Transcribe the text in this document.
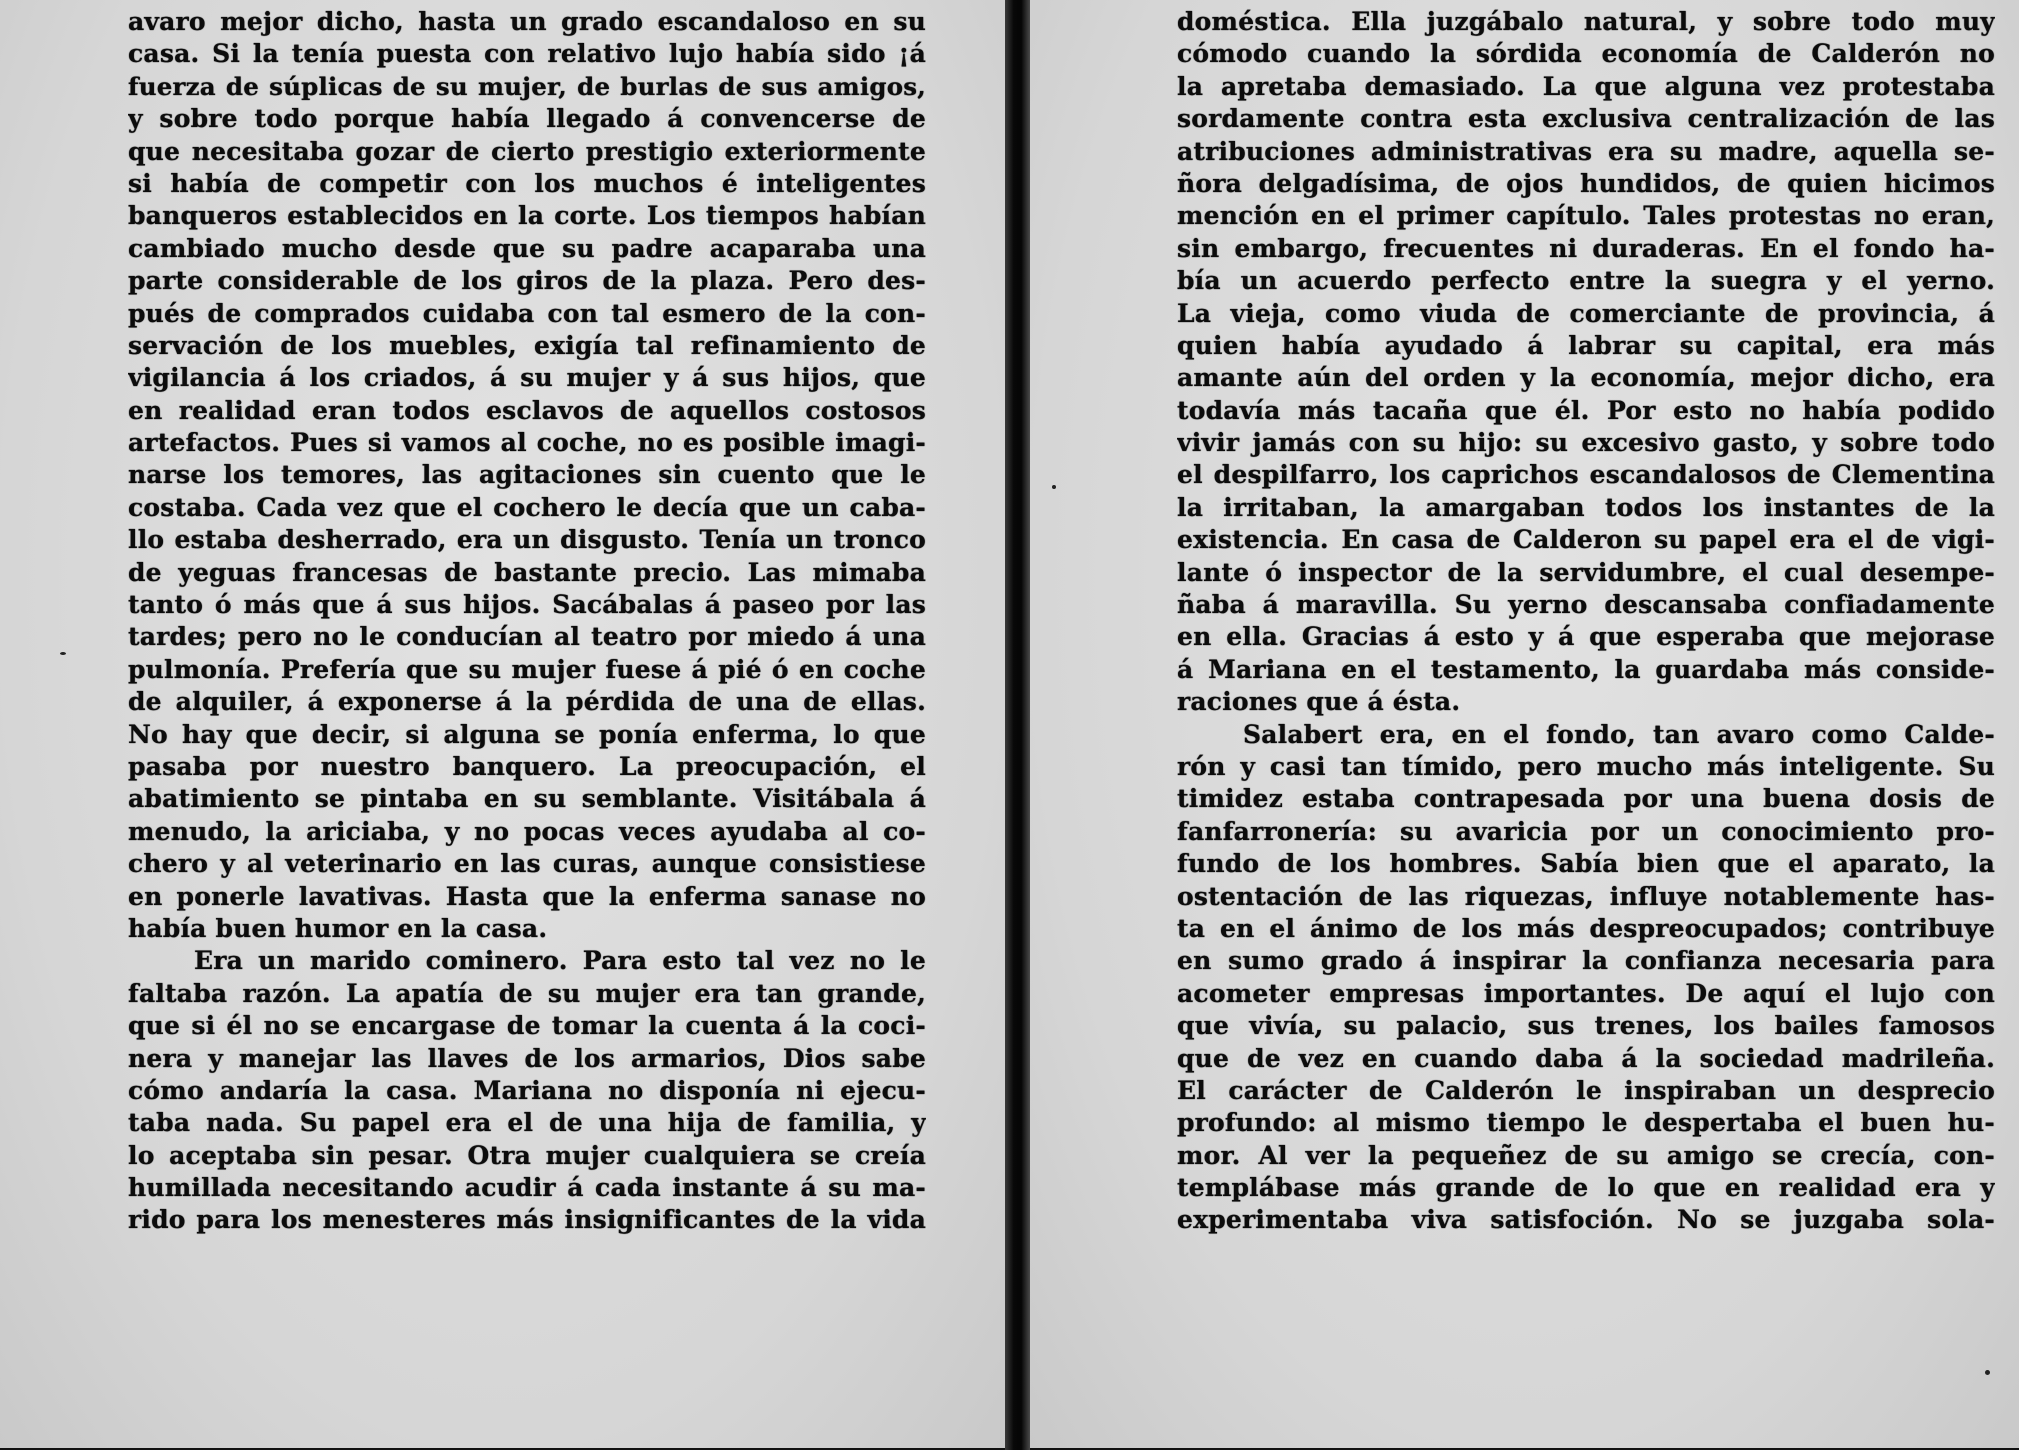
avaro mejor dicho, hasta un grado escandaloso en su
casa. Si la tenía puesta con relativo lujo había sido ¡á
fuerza de súplicas de su mujer, de burlas de sus amigos,
y sobre todo porque había llegado á convencerse de
que necesitaba gozar de cierto prestigio exteriormente
si había de competir con los muchos é inteligentes
banqueros establecidos en la corte. Los tiempos habían
cambiado mucho desde que su padre acaparaba una
parte considerable de los giros de la plaza. Pero des-
pués de comprados cuidaba con tal esmero de la con-
servación de los muebles, exigía tal refinamiento de
vigilancia á los criados, á su mujer y á sus hijos, que
en realidad eran todos esclavos de aquellos costosos
artefactos. Pues si vamos al coche, no es posible imagi-
narse los temores, las agitaciones sin cuento que le
costaba. Cada vez que el cochero le decía que un caba-
llo estaba desherrado, era un disgusto. Tenía un tronco
de yeguas francesas de bastante precio. Las mimaba
tanto ó más que á sus hijos. Sacábalas á paseo por las
tardes; pero no le conducían al teatro por miedo á una
pulmonía. Prefería que su mujer fuese á pié ó en coche
de alquiler, á exponerse á la pérdida de una de ellas.
No hay que decir, si alguna se ponía enferma, lo que
pasaba por nuestro banquero. La preocupación, el
abatimiento se pintaba en su semblante. Visitábala á
menudo, la ariciaba, y no pocas veces ayudaba al co-
chero y al veterinario en las curas, aunque consistiese
en ponerle lavativas. Hasta que la enferma sanase no
había buen humor en la casa.
Era un marido cominero. Para esto tal vez no le
faltaba razón. La apatía de su mujer era tan grande,
que si él no se encargase de tomar la cuenta á la coci-
nera y manejar las llaves de los armarios, Dios sabe
cómo andaría la casa. Mariana no disponía ni ejecu-
taba nada. Su papel era el de una hija de familia, y
lo aceptaba sin pesar. Otra mujer cualquiera se creía
humillada necesitando acudir á cada instante á su ma-
rido para los menesteres más insignificantes de la vida
doméstica. Ella juzgábalo natural, y sobre todo muy
cómodo cuando la sórdida economía de Calderón no
la apretaba demasiado. La que alguna vez protestaba
sordamente contra esta exclusiva centralización de las
atribuciones administrativas era su madre, aquella se-
ñora delgadísima, de ojos hundidos, de quien hicimos
mención en el primer capítulo. Tales protestas no eran,
sin embargo, frecuentes ni duraderas. En el fondo ha-
bía un acuerdo perfecto entre la suegra y el yerno.
La vieja, como viuda de comerciante de provincia, á
quien había ayudado á labrar su capital, era más
amante aún del orden y la economía, mejor dicho, era
todavía más tacaña que él. Por esto no había podido
vivir jamás con su hijo: su excesivo gasto, y sobre todo
el despilfarro, los caprichos escandalosos de Clementina
la irritaban, la amargaban todos los instantes de la
existencia. En casa de Calderon su papel era el de vigi-
lante ó inspector de la servidumbre, el cual desempe-
ñaba á maravilla. Su yerno descansaba confiadamente
en ella. Gracias á esto y á que esperaba que mejorase
á Mariana en el testamento, la guardaba más conside-
raciones que á ésta.
Salabert era, en el fondo, tan avaro como Calde-
rón y casi tan tímido, pero mucho más inteligente. Su
timidez estaba contrapesada por una buena dosis de
fanfarronería: su avaricia por un conocimiento pro-
fundo de los hombres. Sabía bien que el aparato, la
ostentación de las riquezas, influye notablemente has-
ta en el ánimo de los más despreocupados; contribuye
en sumo grado á inspirar la confianza necesaria para
acometer empresas importantes. De aquí el lujo con
que vivía, su palacio, sus trenes, los bailes famosos
que de vez en cuando daba á la sociedad madrileña.
El carácter de Calderón le inspiraban un desprecio
profundo: al mismo tiempo le despertaba el buen hu-
mor. Al ver la pequeñez de su amigo se crecía, con-
templábase más grande de lo que en realidad era y
experimentaba viva satisfoción. No se juzgaba sola-
